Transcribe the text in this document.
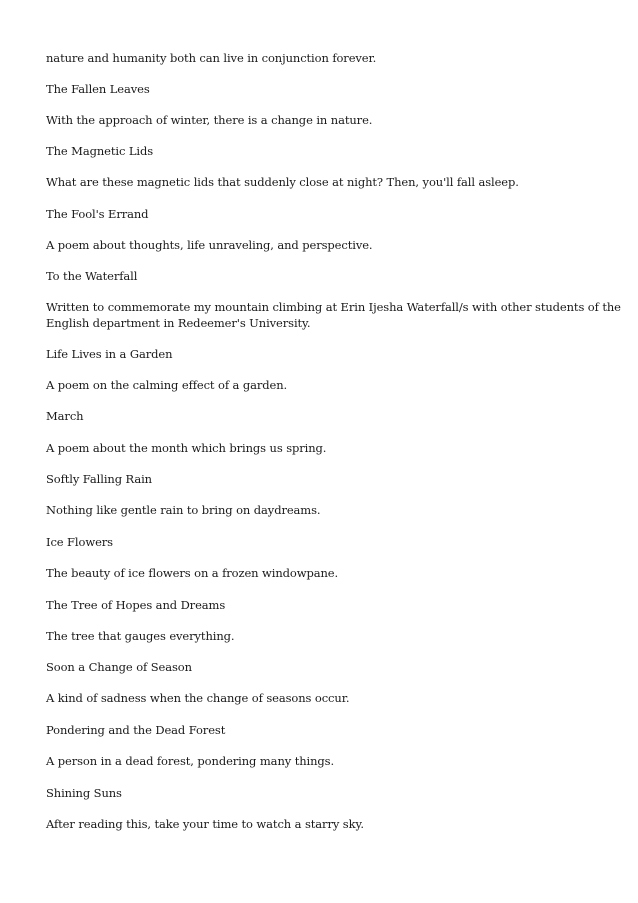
nature and humanity both can live in conjunction forever.
The Fallen Leaves
With the approach of winter, there is a change in nature.
The Magnetic Lids
What are these magnetic lids that suddenly close at night? Then, you'll fall asleep.
The Fool's Errand
A poem about thoughts, life unraveling, and perspective.
To the Waterfall
Written to commemorate my mountain climbing at Erin Ijesha Waterfall/s with other students of the
English department in Redeemer's University.
Life Lives in a Garden
A poem on the calming effect of a garden.
March
A poem about the month which brings us spring.
Softly Falling Rain
Nothing like gentle rain to bring on daydreams.
Ice Flowers
The beauty of ice flowers on a frozen windowpane.
The Tree of Hopes and Dreams
The tree that gauges everything.
Soon a Change of Season
A kind of sadness when the change of seasons occur.
Pondering and the Dead Forest
A person in a dead forest, pondering many things.
Shining Suns
After reading this, take your time to watch a starry sky.
